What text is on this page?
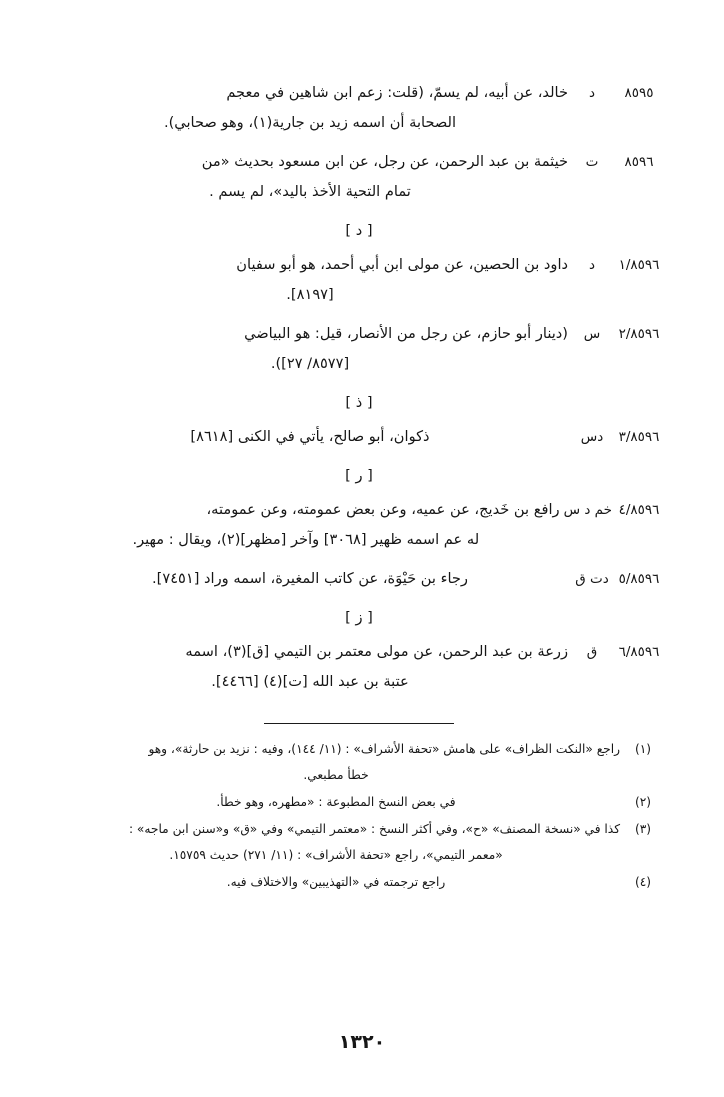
٨٥٩٥
د
خالد، عن أبيه، لم يسمّ، (قلت: زعم ابن شاهين في معجم
الصحابة أن اسمه زيد بن جارية(١)، وهو صحابي).
٨٥٩٦
ت
خيثمة بن عبد الرحمن، عن رجل، عن ابن مسعود بحديث «من
تمام التحية الأخذ باليد»، لم يسم .
[ د ]
١/٨٥٩٦
د
داود بن الحصين، عن مولى ابن أبي أحمد، هو أبو سفيان
[٨١٩٧].
٢/٨٥٩٦
س
(دينار أبو حازم، عن رجل من الأنصار، قيل: هو البياضي
[٨٥٧٧/ ٢٧]).
[ ذ ]
٣/٨٥٩٦
دس
ذكوان، أبو صالح، يأتي في الكنى [٨٦١٨]
[ ر ]
٤/٨٥٩٦
خم د س
رافع بن خَديج، عن عميه، وعن بعض عمومته، وعن عمومته،
له عم اسمه ظهير [٣٠٦٨] وآخر [مظهر](٢)، ويقال : مهير.
٥/٨٥٩٦
دت ق
رجاء بن حَيْوَة، عن كاتب المغيرة، اسمه وراد [٧٤٥١].
[ ز ]
٦/٨٥٩٦
ق
زرعة بن عبد الرحمن، عن مولى معتمر بن التيمي [ق](٣)، اسمه
عتبة بن عبد الله [ت](٤) [٤٤٦٦].
(١)
راجع «النكت الظراف» على هامش «تحفة الأشراف» : (١١/ ١٤٤)، وفيه : نزيد بن حارثة»، وهو
خطأ مطبعي.
(٢)
في بعض النسخ المطبوعة : «مطهره، وهو خطأ.
(٣)
كذا في «نسخة المصنف» «ح»، وفي أكثر النسخ : «معتمر التيمي» وفي «ق» و«سنن ابن ماجه» :
«معمر التيمي»، راجع «تحفة الأشراف» : (١١/ ٢٧١) حديث ١٥٧٥٩.
(٤)
راجع ترجمته في «التهذيبين» والاختلاف فيه.
١٣٢٠
